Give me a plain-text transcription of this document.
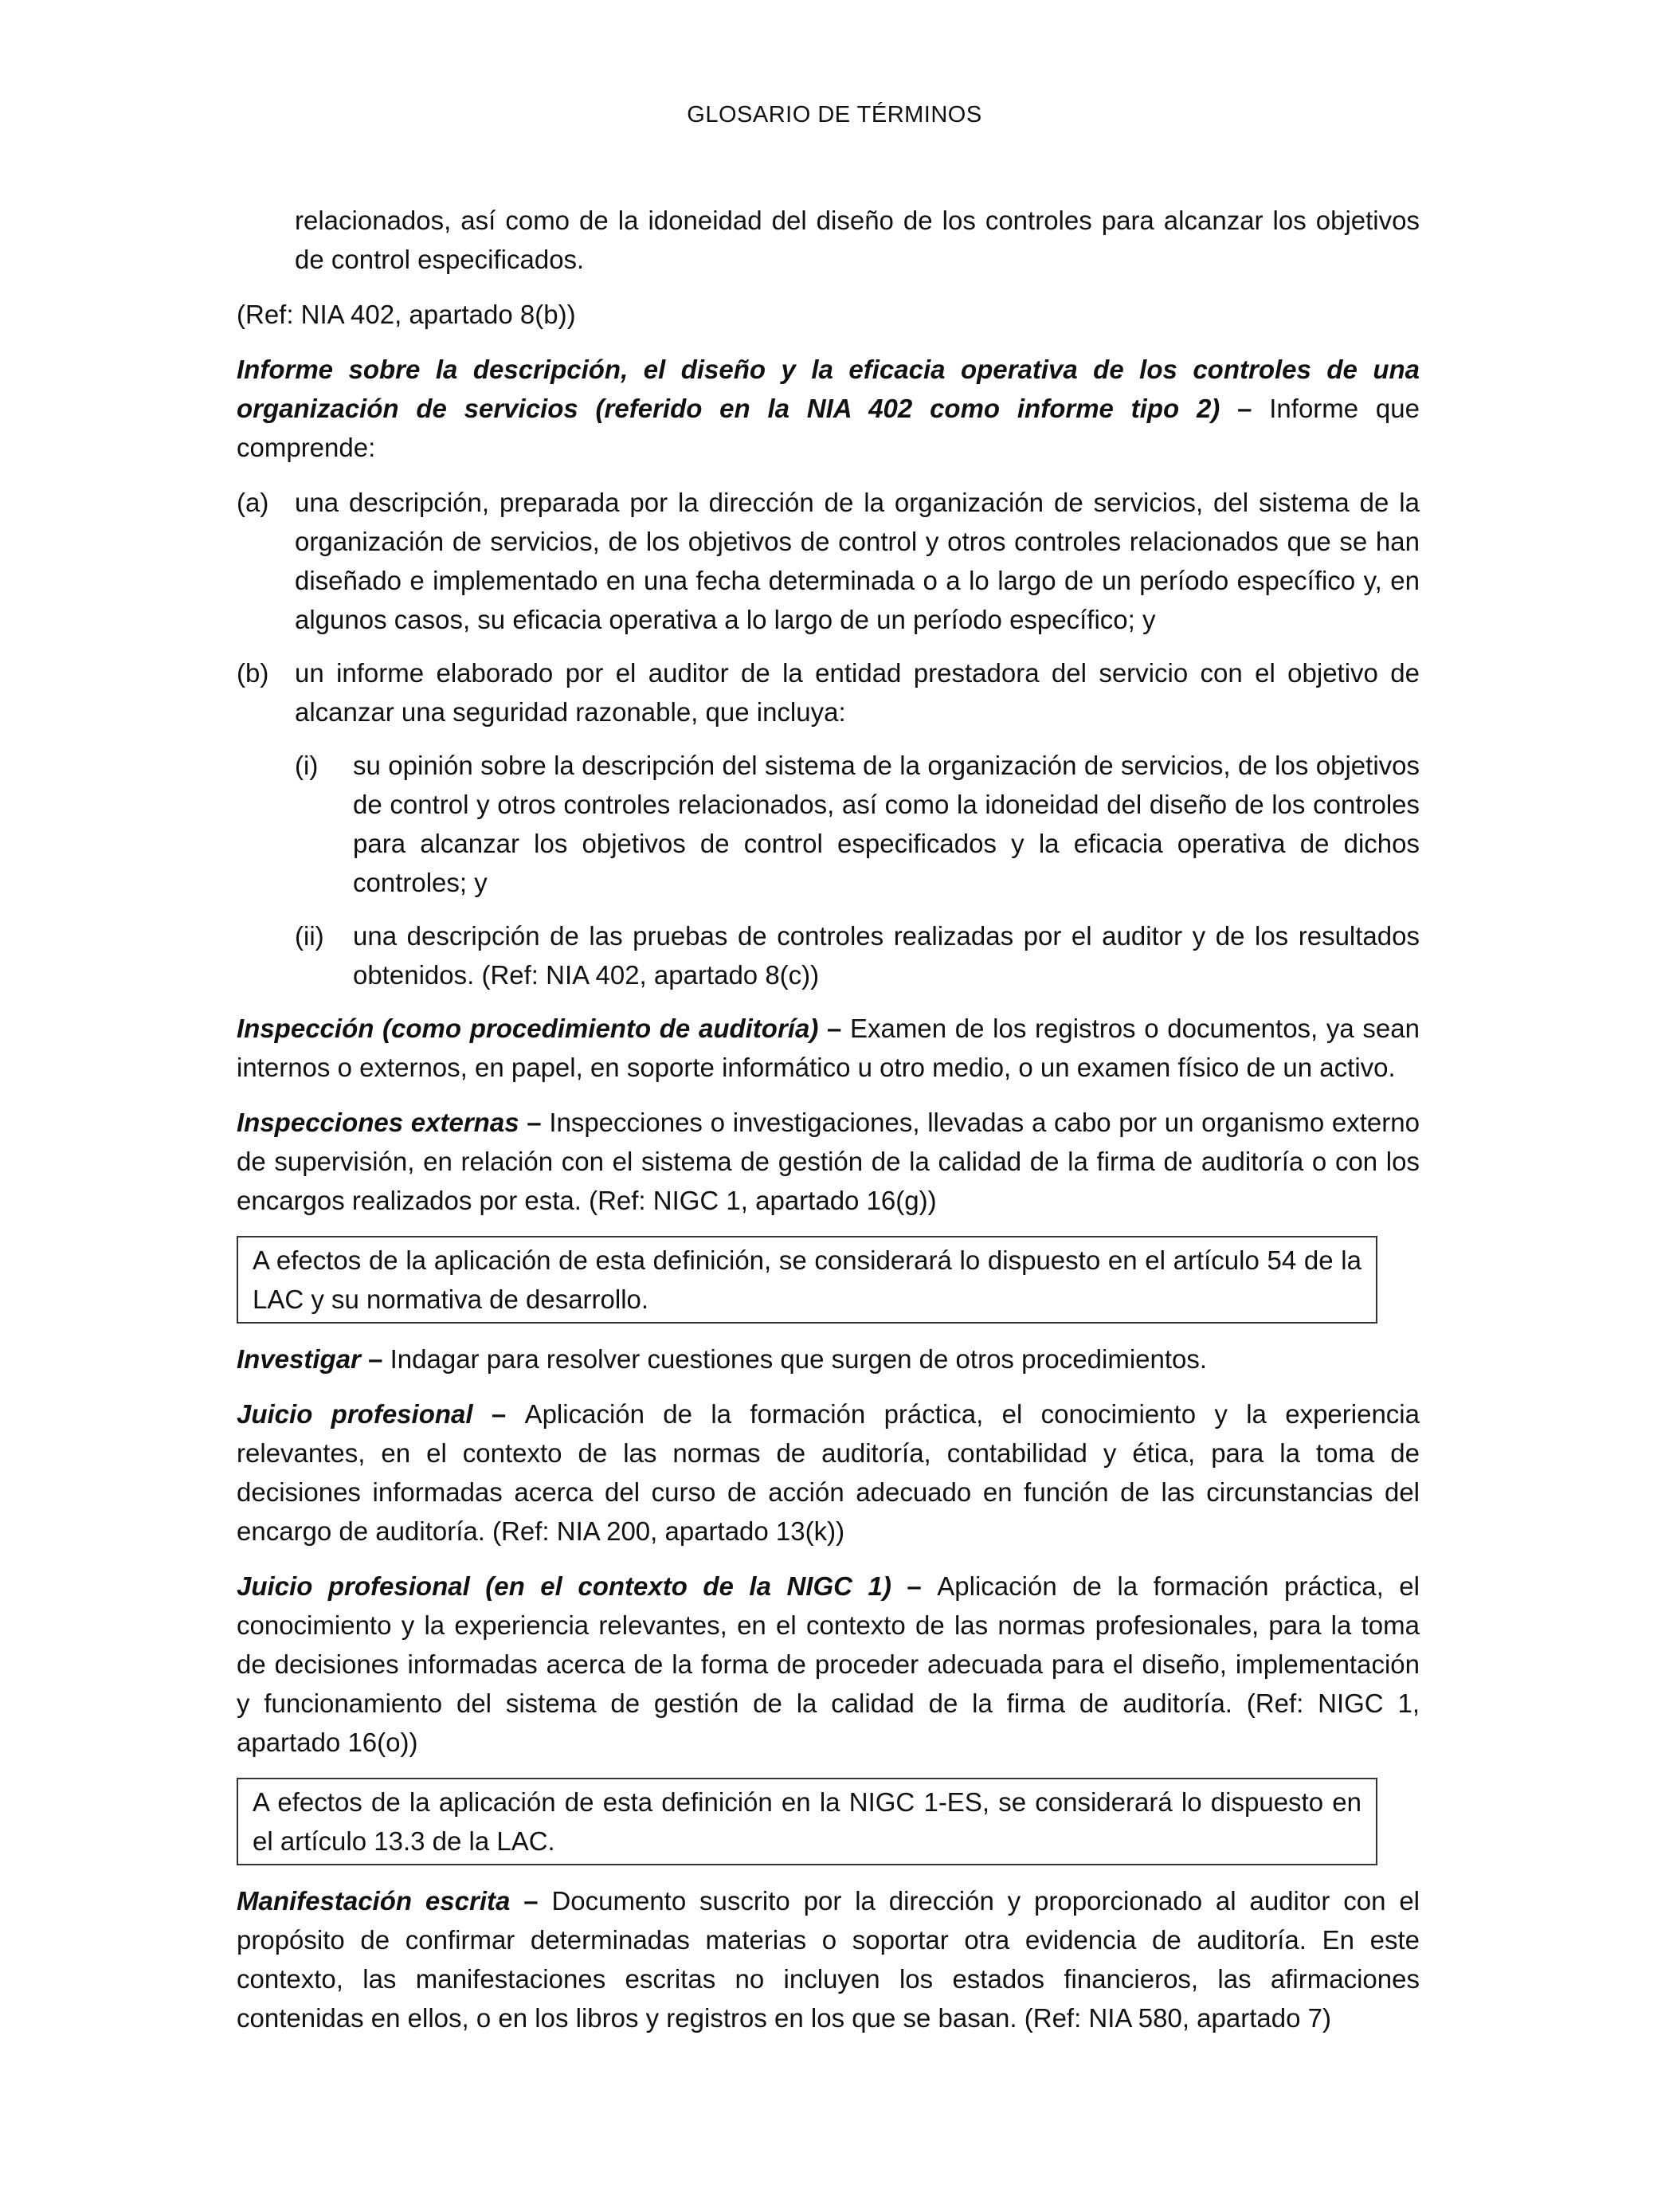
GLOSARIO DE TÉRMINOS
relacionados, así como de la idoneidad del diseño de los controles para alcanzar los objetivos de control especificados.
(Ref: NIA 402, apartado 8(b))
Informe sobre la descripción, el diseño y la eficacia operativa de los controles de una organización de servicios (referido en la NIA 402 como informe tipo 2) – Informe que comprende:
(a) una descripción, preparada por la dirección de la organización de servicios, del sistema de la organización de servicios, de los objetivos de control y otros controles relacionados que se han diseñado e implementado en una fecha determinada o a lo largo de un período específico y, en algunos casos, su eficacia operativa a lo largo de un período específico; y
(b) un informe elaborado por el auditor de la entidad prestadora del servicio con el objetivo de alcanzar una seguridad razonable, que incluya:
(i)	su opinión sobre la descripción del sistema de la organización de servicios, de los objetivos de control y otros controles relacionados, así como la idoneidad del diseño de los controles para alcanzar los objetivos de control especificados y la eficacia operativa de dichos controles; y
(ii)	una descripción de las pruebas de controles realizadas por el auditor y de los resultados obtenidos. (Ref: NIA 402, apartado 8(c))
Inspección (como procedimiento de auditoría) – Examen de los registros o documentos, ya sean internos o externos, en papel, en soporte informático u otro medio, o un examen físico de un activo.
Inspecciones externas – Inspecciones o investigaciones, llevadas a cabo por un organismo externo de supervisión, en relación con el sistema de gestión de la calidad de la firma de auditoría o con los encargos realizados por esta. (Ref: NIGC 1, apartado 16(g))
A efectos de la aplicación de esta definición, se considerará lo dispuesto en el artículo 54 de la LAC y su normativa de desarrollo.
Investigar – Indagar para resolver cuestiones que surgen de otros procedimientos.
Juicio profesional – Aplicación de la formación práctica, el conocimiento y la experiencia relevantes, en el contexto de las normas de auditoría, contabilidad y ética, para la toma de decisiones informadas acerca del curso de acción adecuado en función de las circunstancias del encargo de auditoría. (Ref: NIA 200, apartado 13(k))
Juicio profesional (en el contexto de la NIGC 1) – Aplicación de la formación práctica, el conocimiento y la experiencia relevantes, en el contexto de las normas profesionales, para la toma de decisiones informadas acerca de la forma de proceder adecuada para el diseño, implementación y funcionamiento del sistema de gestión de la calidad de la firma de auditoría. (Ref: NIGC 1, apartado 16(o))
A efectos de la aplicación de esta definición en la NIGC 1-ES, se considerará lo dispuesto en el artículo 13.3 de la LAC.
Manifestación escrita – Documento suscrito por la dirección y proporcionado al auditor con el propósito de confirmar determinadas materias o soportar otra evidencia de auditoría. En este contexto, las manifestaciones escritas no incluyen los estados financieros, las afirmaciones contenidas en ellos, o en los libros y registros en los que se basan. (Ref: NIA 580, apartado 7)
